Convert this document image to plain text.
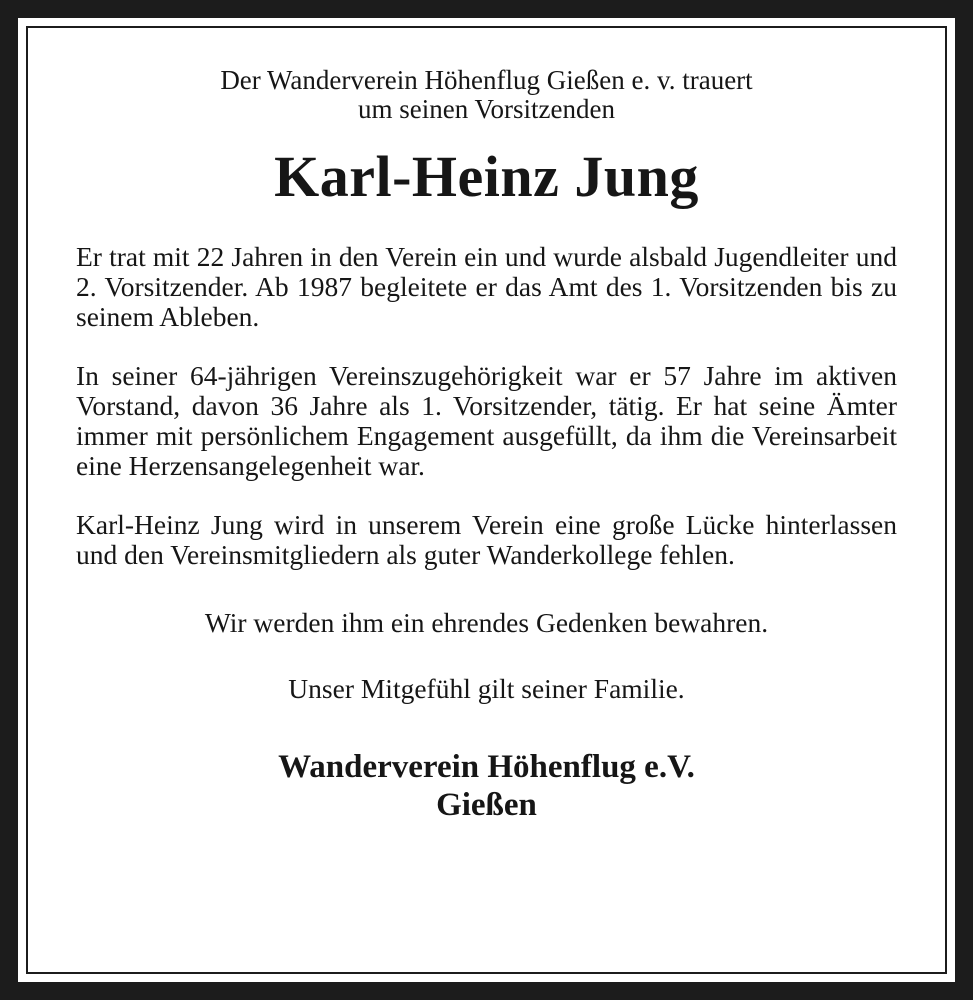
Der Wanderverein Höhenflug Gießen e. v. trauert
um seinen Vorsitzenden

Karl-Heinz Jung

Er trat mit 22 Jahren in den Verein ein und wurde alsbald Jugendleiter und 2. Vorsitzender. Ab 1987 begleitete er das Amt des 1. Vorsitzenden bis zu seinem Ableben.

In seiner 64-jährigen Vereinszugehörigkeit war er 57 Jahre im aktiven Vorstand, davon 36 Jahre als 1. Vorsitzender, tätig. Er hat seine Ämter immer mit persönlichem Engagement ausgefüllt, da ihm die Vereinsarbeit eine Herzensangelegenheit war.

Karl-Heinz Jung wird in unserem Verein eine große Lücke hinterlassen und den Vereinsmitgliedern als guter Wanderkollege fehlen.

Wir werden ihm ein ehrendes Gedenken bewahren.

Unser Mitgefühl gilt seiner Familie.

Wanderverein Höhenflug e.V.
Gießen
